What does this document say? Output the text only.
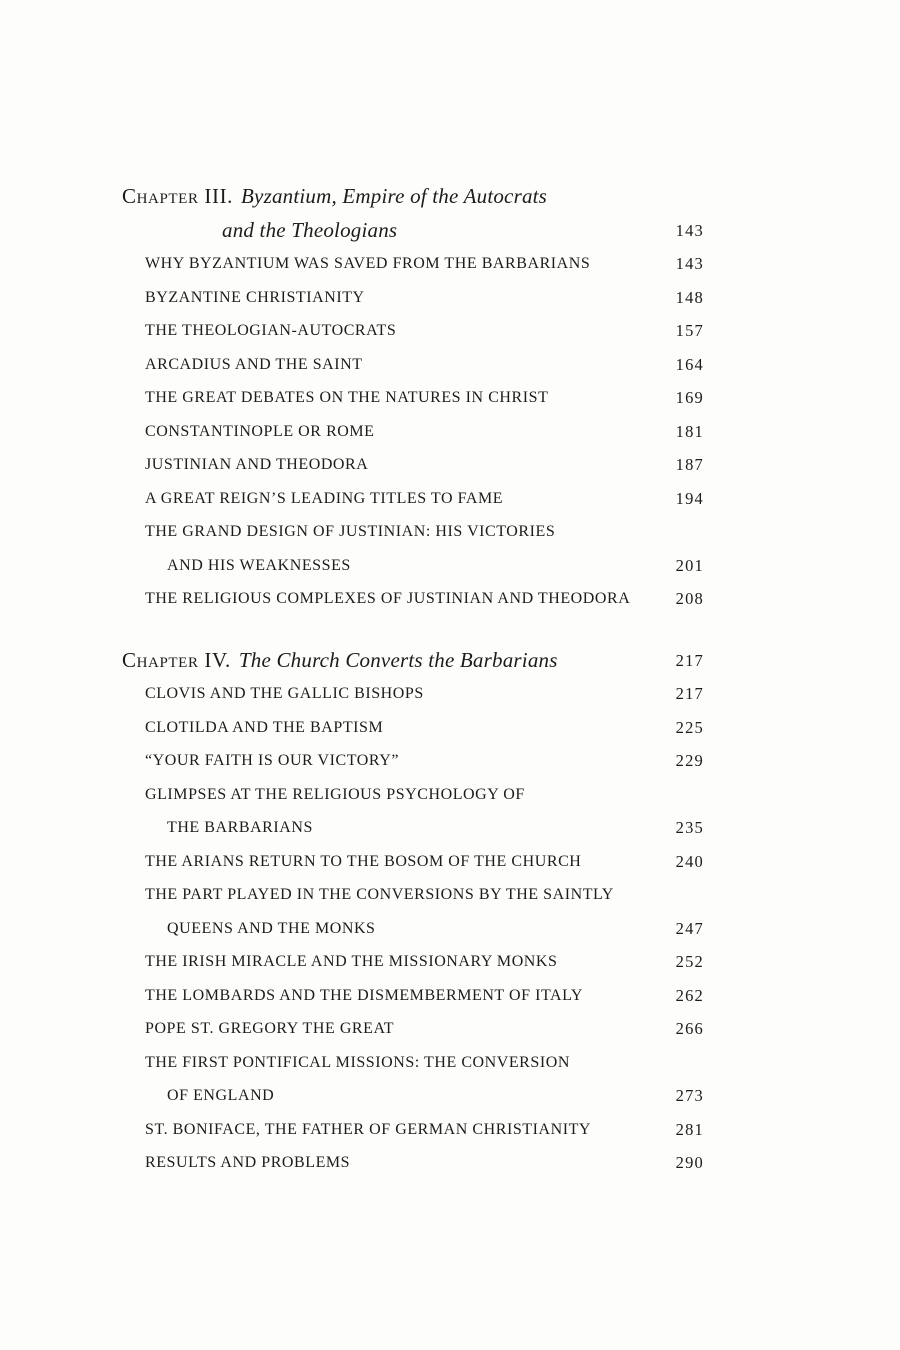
Chapter III. Byzantium, Empire of the Autocrats
and the Theologians	143
WHY BYZANTIUM WAS SAVED FROM THE BARBARIANS	143
BYZANTINE CHRISTIANITY	148
THE THEOLOGIAN-AUTOCRATS	157
ARCADIUS AND THE SAINT	164
THE GREAT DEBATES ON THE NATURES IN CHRIST	169
CONSTANTINOPLE OR ROME	181
JUSTINIAN AND THEODORA	187
A GREAT REIGN’S LEADING TITLES TO FAME	194
THE GRAND DESIGN OF JUSTINIAN: HIS VICTORIES
AND HIS WEAKNESSES	201
THE RELIGIOUS COMPLEXES OF JUSTINIAN AND THEODORA	208
Chapter IV. The Church Converts the Barbarians	217
CLOVIS AND THE GALLIC BISHOPS	217
CLOTILDA AND THE BAPTISM	225
“YOUR FAITH IS OUR VICTORY”	229
GLIMPSES AT THE RELIGIOUS PSYCHOLOGY OF
THE BARBARIANS	235
THE ARIANS RETURN TO THE BOSOM OF THE CHURCH	240
THE PART PLAYED IN THE CONVERSIONS BY THE SAINTLY
QUEENS AND THE MONKS	247
THE IRISH MIRACLE AND THE MISSIONARY MONKS	252
THE LOMBARDS AND THE DISMEMBERMENT OF ITALY	262
POPE ST. GREGORY THE GREAT	266
THE FIRST PONTIFICAL MISSIONS: THE CONVERSION
OF ENGLAND	273
ST. BONIFACE, THE FATHER OF GERMAN CHRISTIANITY	281
RESULTS AND PROBLEMS	290
